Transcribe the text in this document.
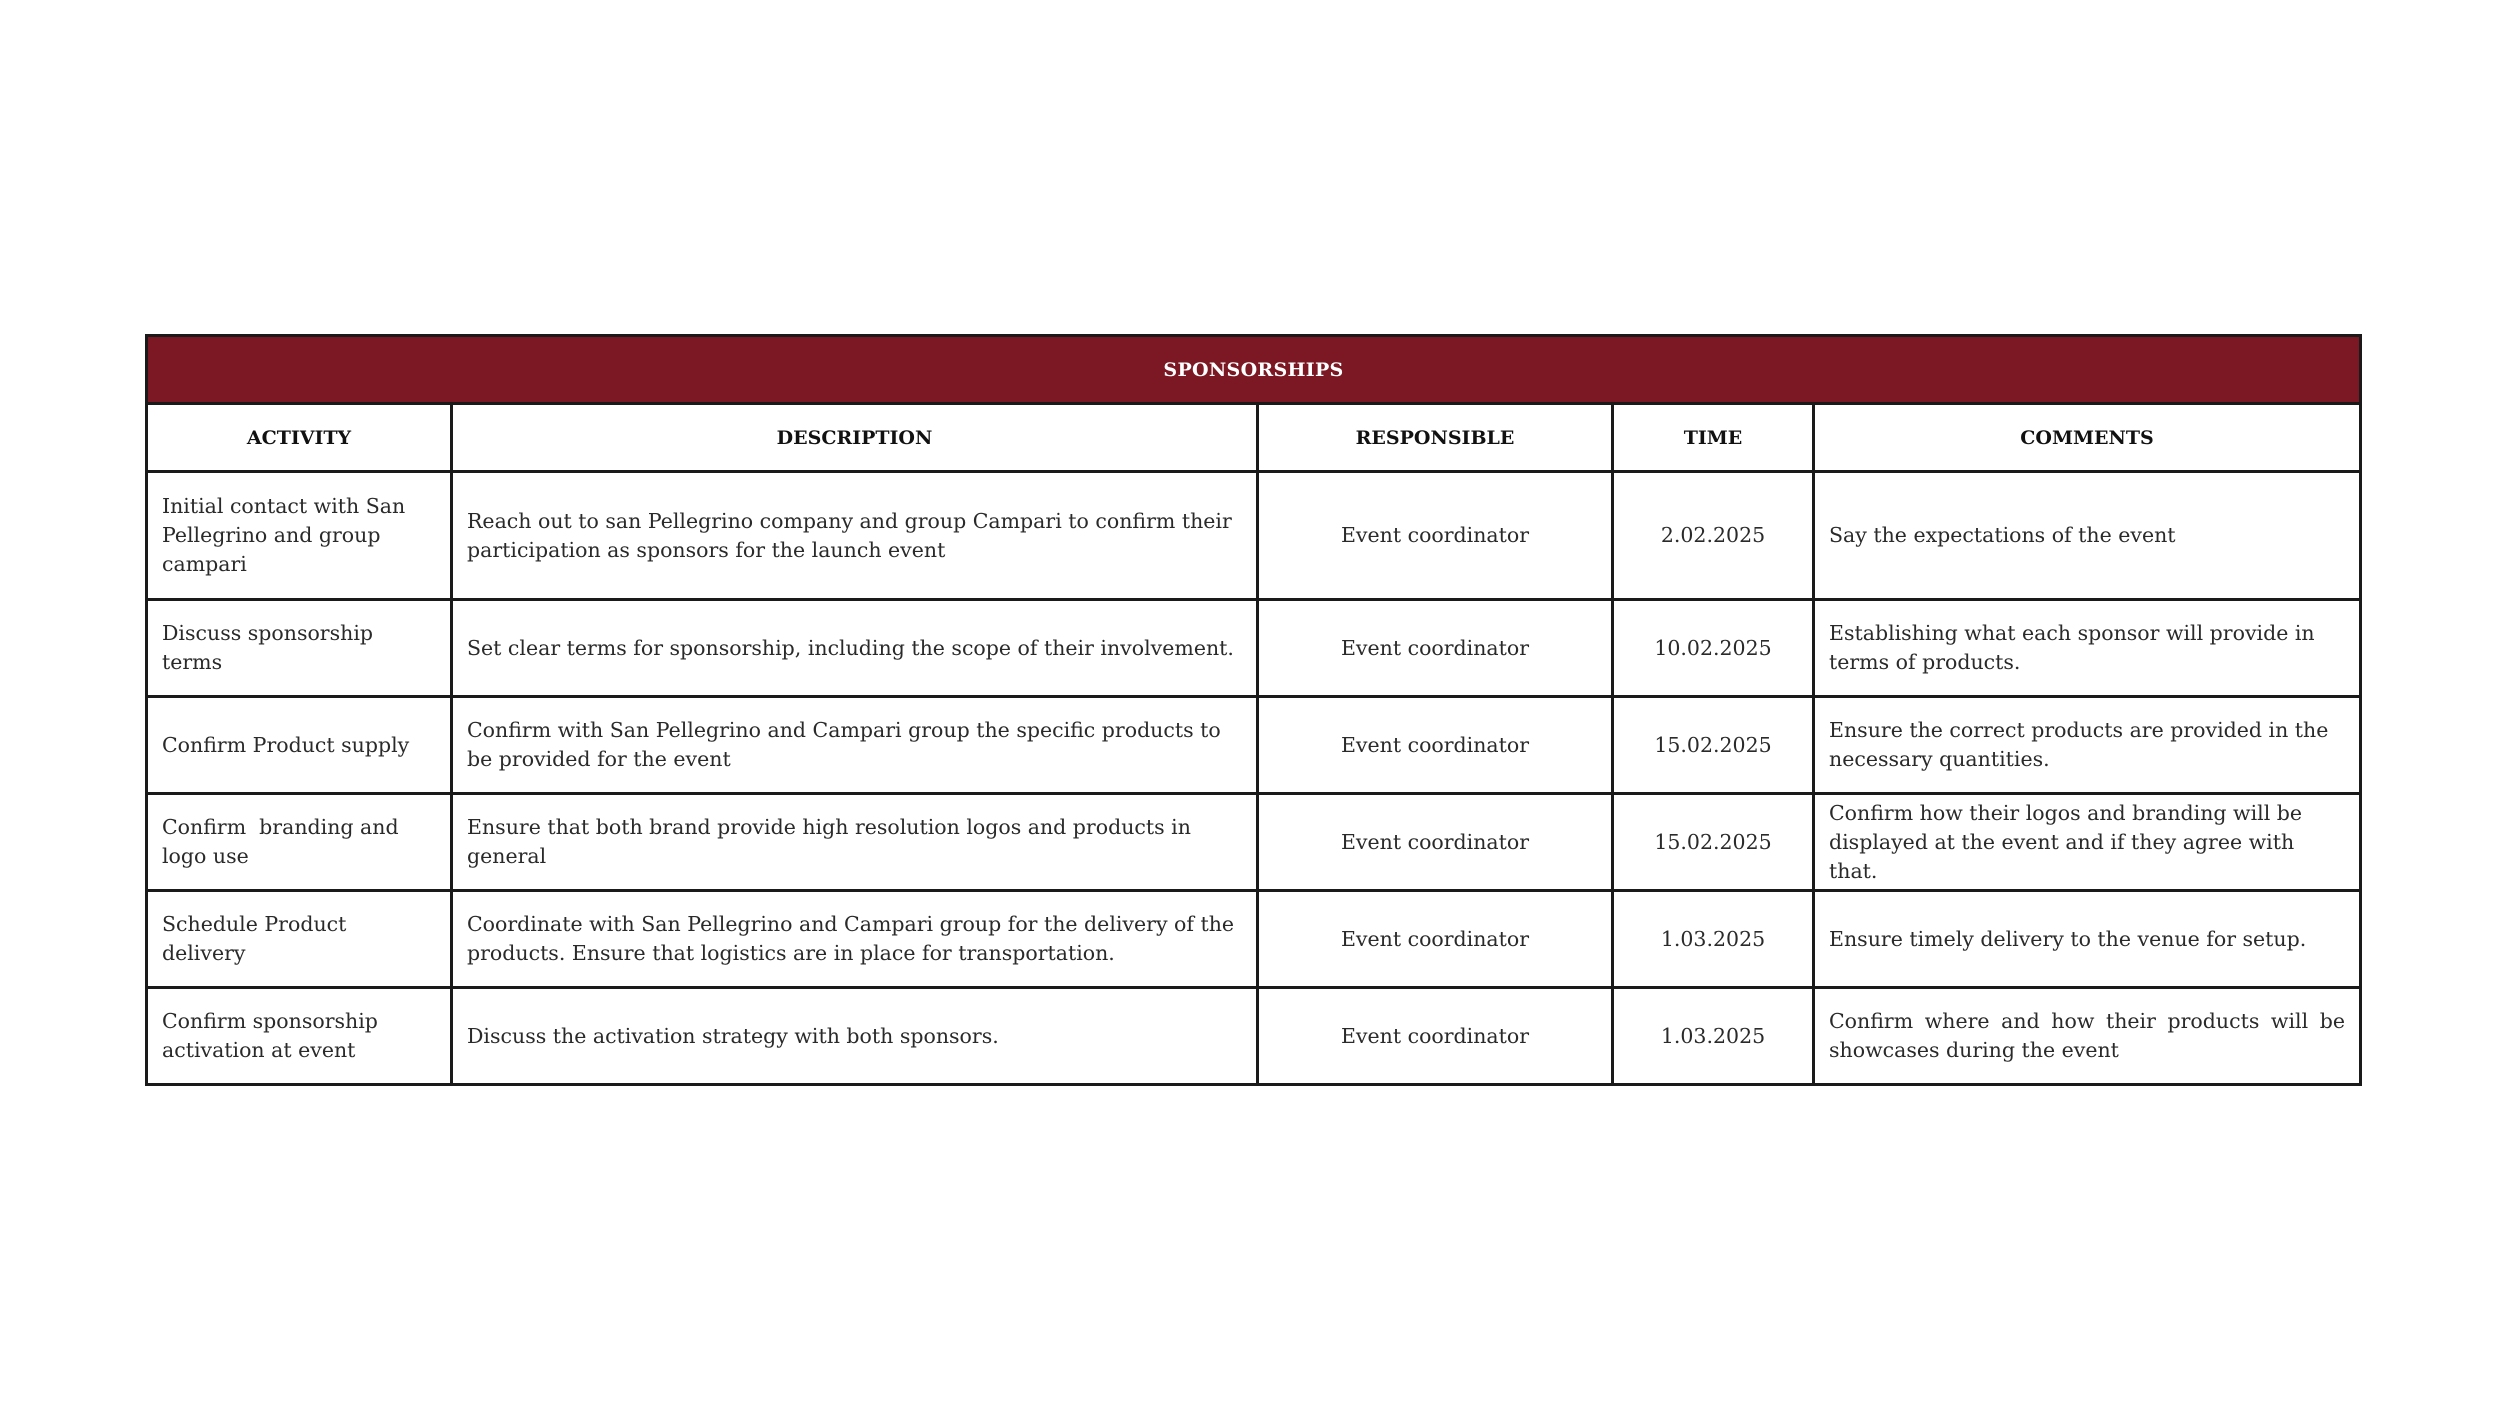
SPONSORSHIPS				
ACTIVITY	DESCRIPTION	RESPONSIBLE	TIME	COMMENTS
Initial contact with San Pellegrino and group campari	Reach out to san Pellegrino company and group Campari to confirm their participation as sponsors for the launch event	Event coordinator	2.02.2025	Say the expectations of the event
Discuss sponsorship terms	Set clear terms for sponsorship, including the scope of their involvement.	Event coordinator	10.02.2025	Establishing what each sponsor will provide in terms of products.
Confirm Product supply	Confirm with San Pellegrino and Campari group the specific products to be provided for the event	Event coordinator	15.02.2025	Ensure the correct products are provided in the necessary quantities.
Confirm  branding and logo use	Ensure that both brand provide high resolution logos and products in general	Event coordinator	15.02.2025	Confirm how their logos and branding will be displayed at the event and if they agree with that.
Schedule Product delivery	Coordinate with San Pellegrino and Campari group for the delivery of the products. Ensure that logistics are in place for transportation.	Event coordinator	1.03.2025	Ensure timely delivery to the venue for setup.
Confirm sponsorship activation at event	Discuss the activation strategy with both sponsors.	Event coordinator	1.03.2025	Confirm where and how their products will be showcases during the event
